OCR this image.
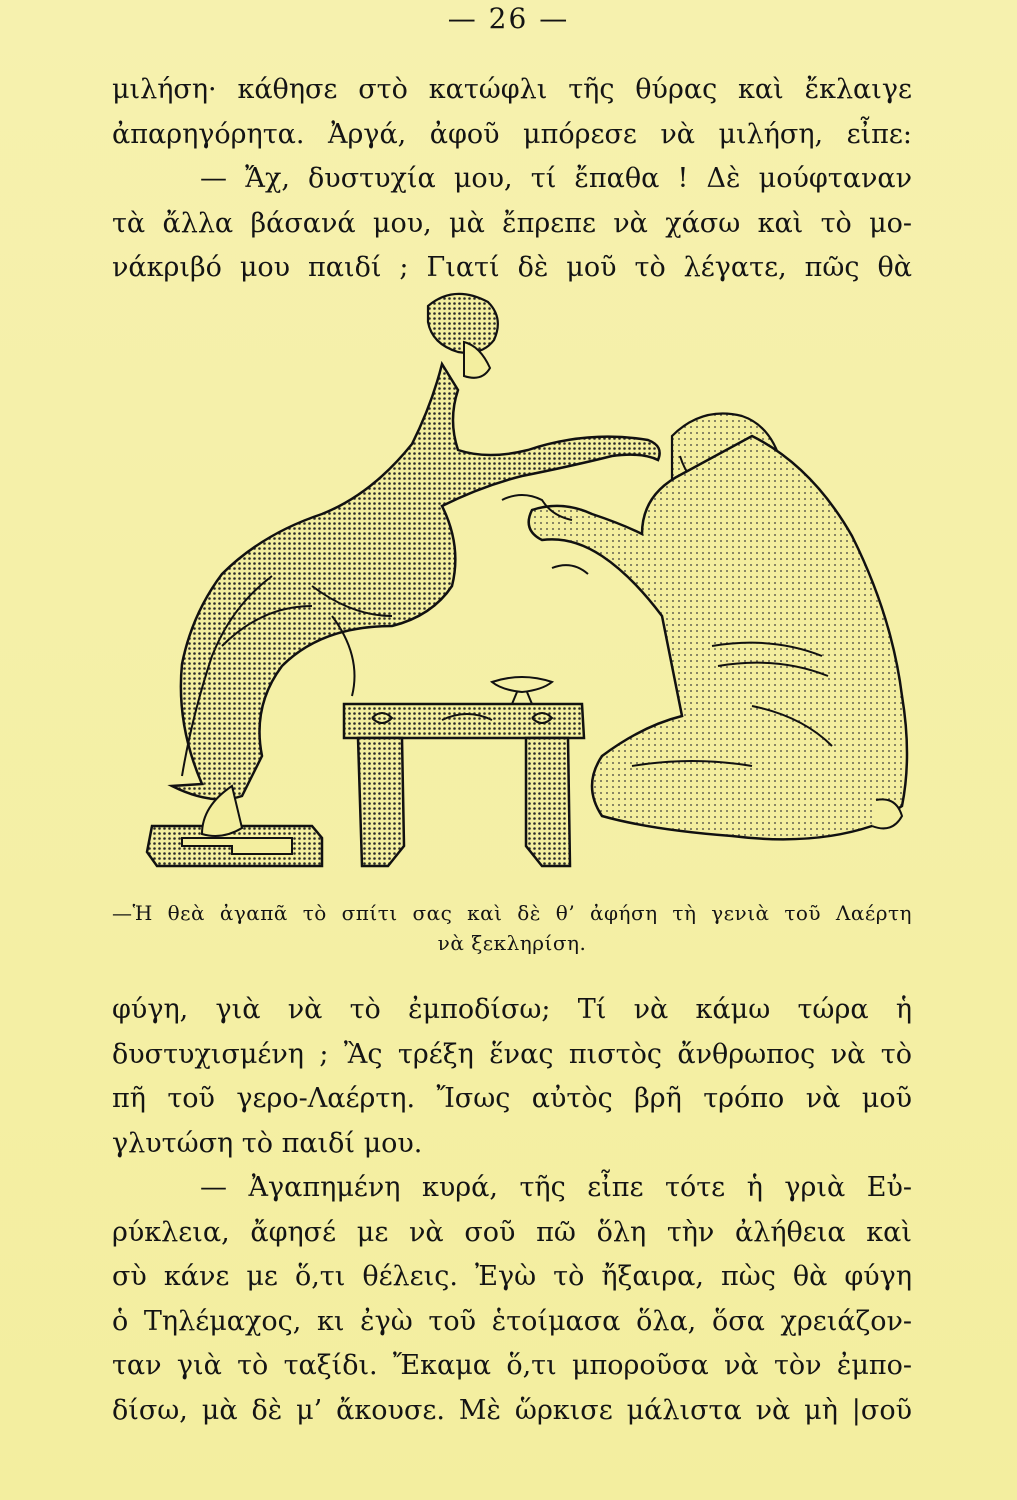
— 26 —
μιλήση· κάθησε στὸ κατώφλι τῆς θύρας καὶ ἔκλαιγε
ἀπαρηγόρητα. Ἀργά, ἀφοῦ μπόρεσε νὰ μιλήση, εἶπε:
— Ἄχ, δυστυχία μου, τί ἔπαθα ! Δὲ μούφταναν
τὰ ἄλλα βάσανά μου, μὰ ἔπρεπε νὰ χάσω καὶ τὸ μο-
νάκριβό μου παιδί ; Γιατί δὲ μοῦ τὸ λέγατε, πῶς θὰ
—Ἡ θεὰ ἀγαπᾶ τὸ σπίτι σας καὶ δὲ θ’ ἀφήση τὴ γενιὰ τοῦ Λαέρτη
νὰ ξεκληρίση.
φύγη, γιὰ νὰ τὸ ἐμποδίσω; Τί νὰ κάμω τώρα ἡ
δυστυχισμένη ; Ἂς τρέξη ἕνας πιστὸς ἄνθρωπος νὰ τὸ
πῆ τοῦ γερο-Λαέρτη. Ἴσως αὐτὸς βρῆ τρόπο νὰ μοῦ
γλυτώση τὸ παιδί μου.
— Ἀγαπημένη κυρά, τῆς εἶπε τότε ἡ γριὰ Εὐ-
ρύκλεια, ἄφησέ με νὰ σοῦ πῶ ὅλη τὴν ἀλήθεια καὶ
σὺ κάνε με ὅ,τι θέλεις. Ἐγὼ τὸ ἤξαιρα, πὼς θὰ φύγη
ὁ Τηλέμαχος, κι ἐγὼ τοῦ ἑτοίμασα ὅλα, ὅσα χρειάζον-
ταν γιὰ τὸ ταξίδι. Ἔκαμα ὅ,τι μποροῦσα νὰ τὸν ἐμπο-
δίσω, μὰ δὲ μ’ ἄκουσε. Μὲ ὥρκισε μάλιστα νὰ μὴ |σοῦ
